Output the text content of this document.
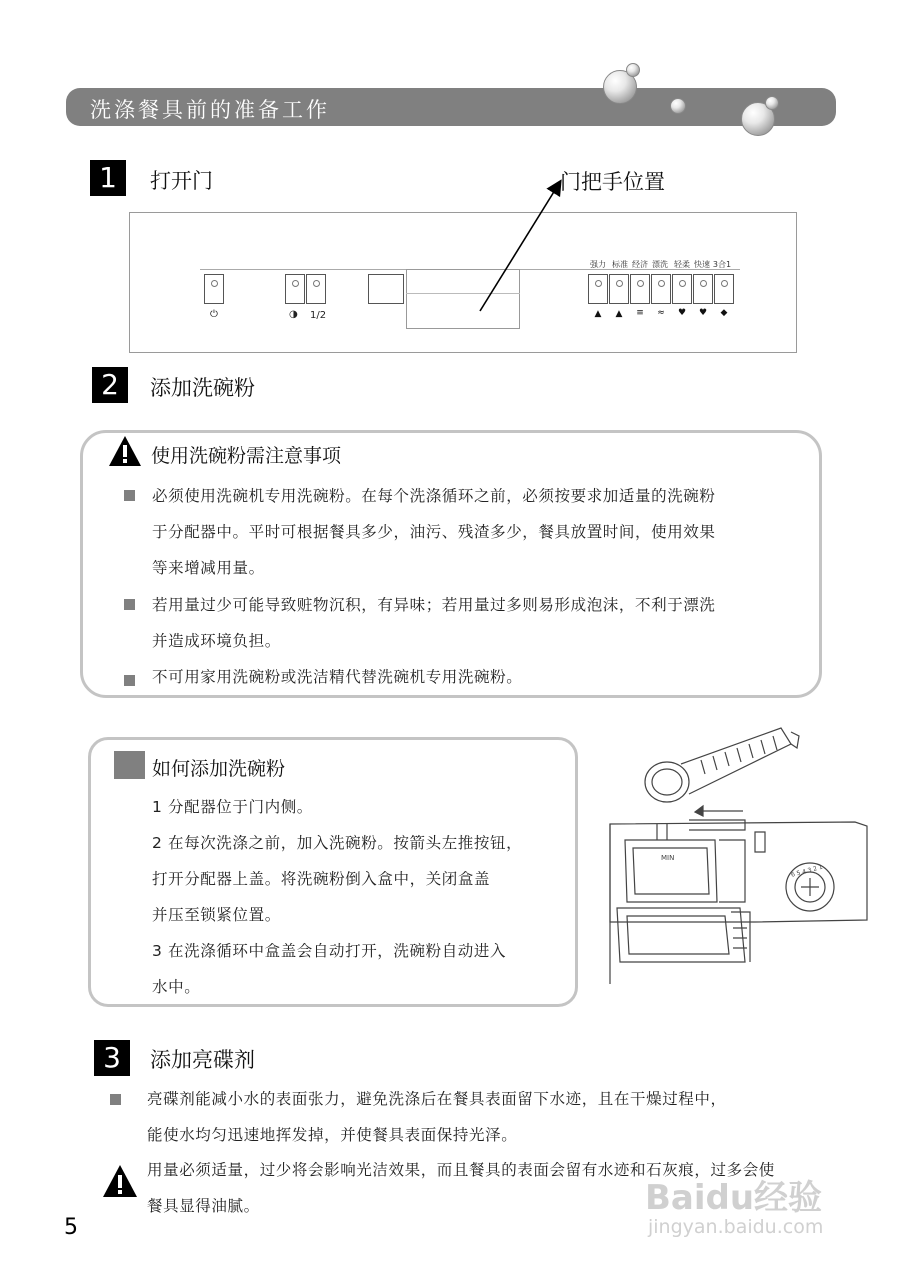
洗涤餐具前的准备工作
1	打开门	门把手位置
⏻	◑ 1/2
强力 标准 经济 漂洗 轻柔 快速 3合1
▲	▲	≡	≈	♥	♥	◆
2	添加洗碗粉
使用洗碗粉需注意事项
必须使用洗碗机专用洗碗粉。在每个洗涤循环之前，必须按要求加适量的洗碗粉
于分配器中。平时可根据餐具多少，油污、残渣多少，餐具放置时间，使用效果
等来增减用量。
若用量过少可能导致赃物沉积，有异味；若用量过多则易形成泡沫，不利于漂洗
并造成环境负担。
不可用家用洗碗粉或洗洁精代替洗碗机专用洗碗粉。
如何添加洗碗粉
1 分配器位于门内侧。
2 在每次洗涤之前，加入洗碗粉。按箭头左推按钮，
打开分配器上盖。将洗碗粉倒入盒中，关闭盒盖
并压至锁紧位置。
3 在洗涤循环中盒盖会自动打开，洗碗粉自动进入
水中。
MIN
6 5 4 3 2 1
3	添加亮碟剂
亮碟剂能减小水的表面张力，避免洗涤后在餐具表面留下水迹，且在干燥过程中，
能使水均匀迅速地挥发掉，并使餐具表面保持光泽。
用量必须适量，过少将会影响光洁效果，而且餐具的表面会留有水迹和石灰痕，过多会使
餐具显得油腻。
5
Baidu经验
jingyan.baidu.com
